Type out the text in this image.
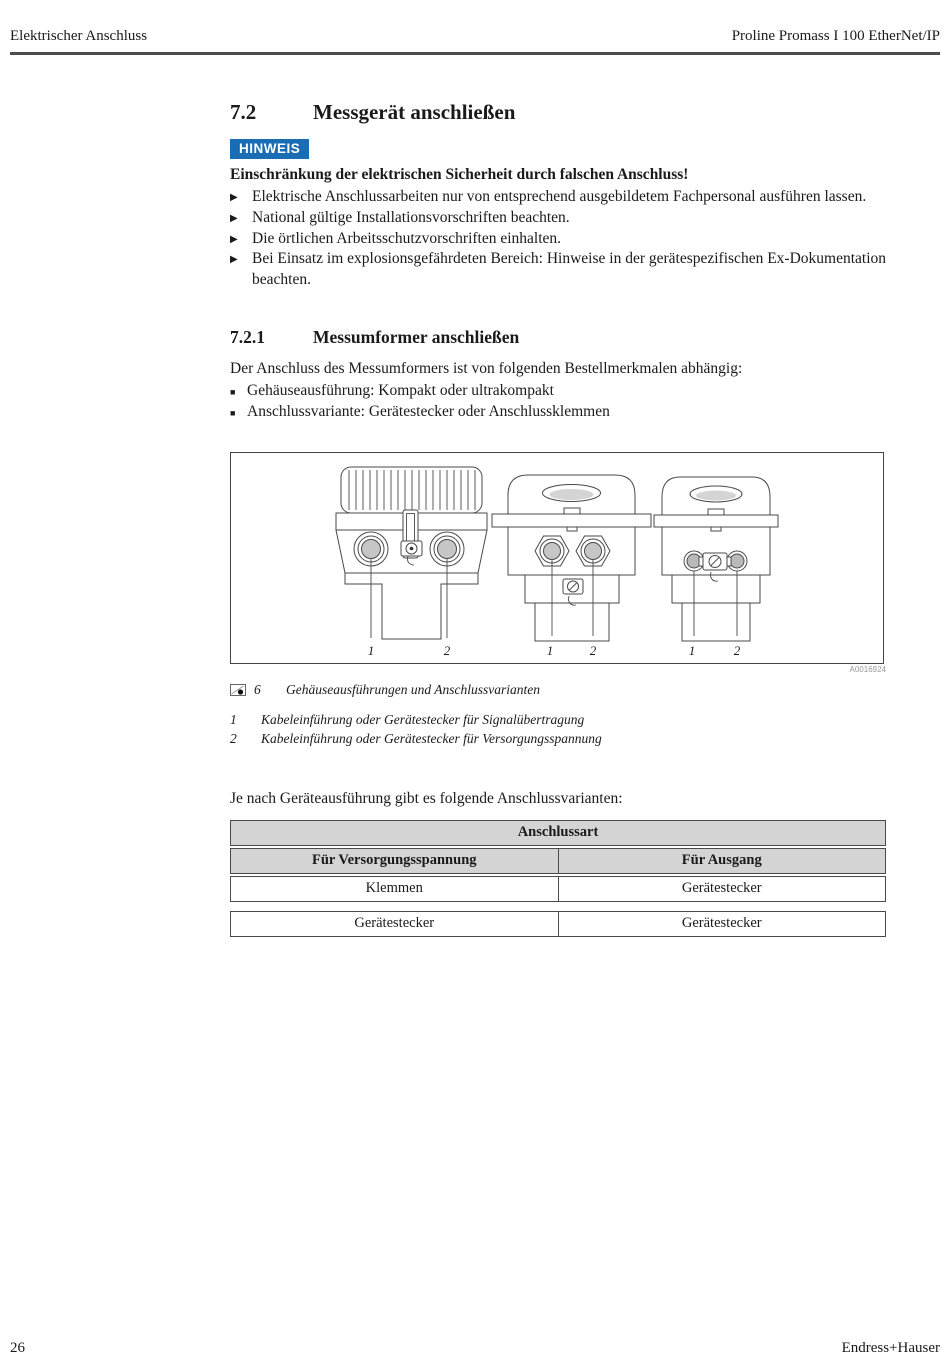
Elektrischer Anschluss	Proline Promass I 100 EtherNet/IP
7.2	Messgerät anschließen
HINWEIS
Einschränkung der elektrischen Sicherheit durch falschen Anschluss!
▶ Elektrische Anschlussarbeiten nur von entsprechend ausgebildetem Fachpersonal ausführen lassen.
▶ National gültige Installationsvorschriften beachten.
▶ Die örtlichen Arbeitsschutzvorschriften einhalten.
▶ Bei Einsatz im explosionsgefährdeten Bereich: Hinweise in der gerätespezifischen Ex-Dokumentation beachten.
7.2.1	Messumformer anschließen
Der Anschluss des Messumformers ist von folgenden Bestellmerkmalen abhängig:
■ Gehäuseausführung: Kompakt oder ultrakompakt
■ Anschlussvariante: Gerätestecker oder Anschlussklemmen
1	2	1	2	1	2
A0016924
6	Gehäuseausführungen und Anschlussvarianten
1	Kabeleinführung oder Gerätestecker für Signalübertragung
2	Kabeleinführung oder Gerätestecker für Versorgungsspannung
Je nach Geräteausführung gibt es folgende Anschlussvarianten:
Anschlussart
Für Versorgungsspannung	Für Ausgang
Klemmen	Gerätestecker
Gerätestecker	Gerätestecker
26	Endress+Hauser
